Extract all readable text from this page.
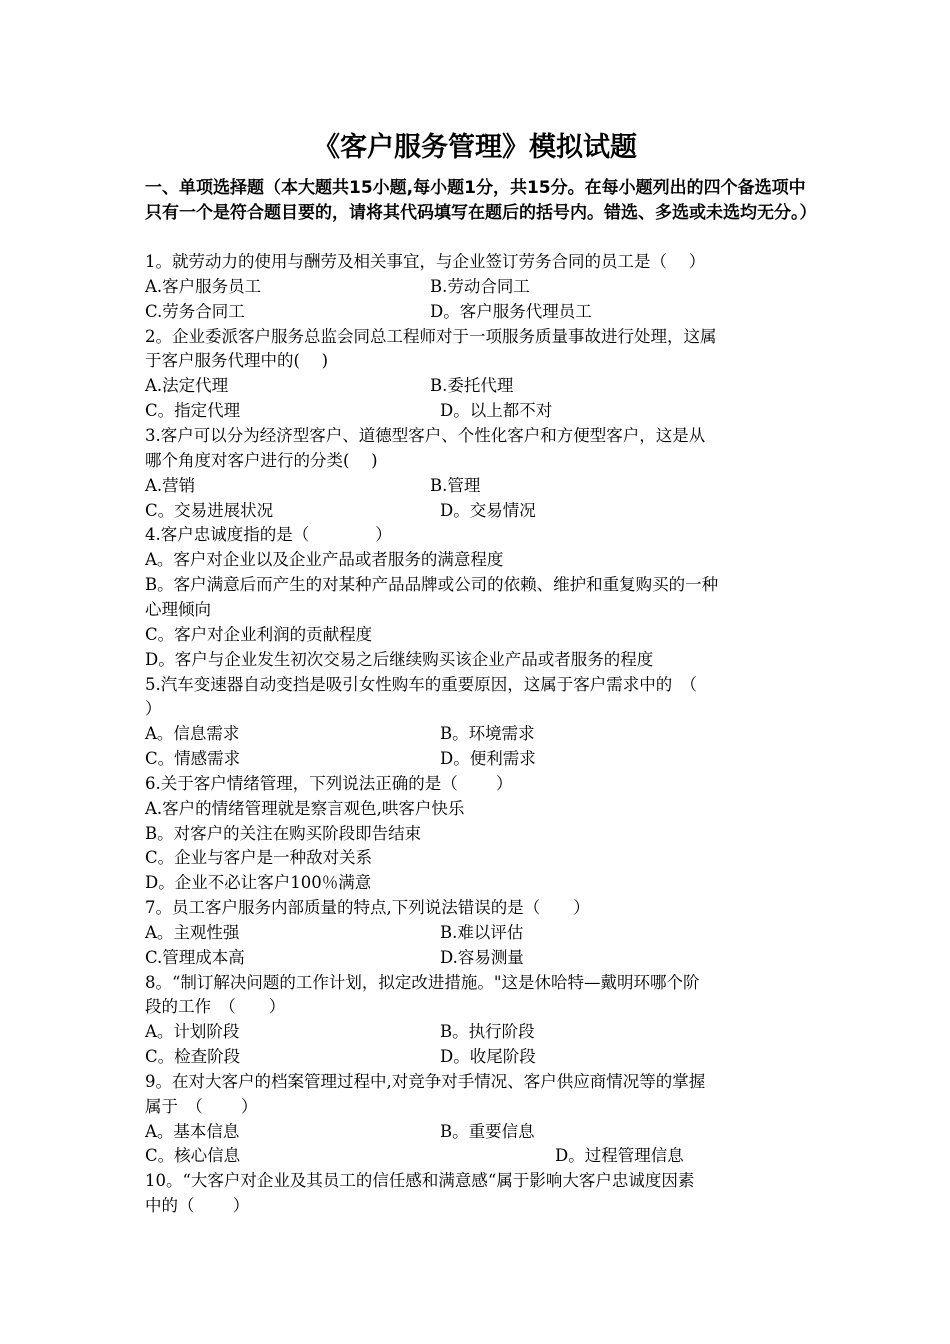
《客户服务管理》模拟试题
一、单项选择题（本大题共15小题,每小题1分，共15分。在每小题列出的四个备选项中只有一个是符合题目要的，请将其代码填写在题后的括号内。错选、多选或未选均无分。）
1。就劳动力的使用与酬劳及相关事宜，与企业签订劳务合同的员工是（　 ）
A.客户服务员工	B.劳动合同工
C.劳务合同工	D。客户服务代理员工
2。企业委派客户服务总监会同总工程师对于一项服务质量事故进行处理，这属
于客户服务代理中的(　 )
A.法定代理	B.委托代理
C。指定代理	D。以上都不对
3.客户可以分为经济型客户、道德型客户、个性化客户和方便型客户，这是从
哪个角度对客户进行的分类(　 )
A.营销	B.管理
C。交易进展状况	D。交易情况
4.客户忠诚度指的是（　　　　）
A。客户对企业以及企业产品或者服务的满意程度
B。客户满意后而产生的对某种产品品牌或公司的依赖、维护和重复购买的一种
心理倾向
C。客户对企业利润的贡献程度
D。客户与企业发生初次交易之后继续购买该企业产品或者服务的程度
5.汽车变速器自动变挡是吸引女性购车的重要原因，这属于客户需求中的　（
）
A。信息需求	B。环境需求
C。情感需求	D。便利需求
6.关于客户情绪管理，下列说法正确的是（　　 ）
A.客户的情绪管理就是察言观色,哄客户快乐
B。对客户的关注在购买阶段即告结束
C。企业与客户是一种敌对关系
D。企业不必让客户100％满意
7。员工客户服务内部质量的特点,下列说法错误的是（　　）
A。主观性强	B.难以评估
C.管理成本高	D.容易测量
8。“制订解决问题的工作计划，拟定改进措施。"这是休哈特—戴明环哪个阶
段的工作　（　　）
A。计划阶段	B。执行阶段
C。检查阶段	D。收尾阶段
9。在对大客户的档案管理过程中,对竞争对手情况、客户供应商情况等的掌握
属于　（　　 ）
A。基本信息	B。重要信息
C。核心信息	D。过程管理信息
10。“大客户对企业及其员工的信任感和满意感“属于影响大客户忠诚度因素
中的（　　 ）
